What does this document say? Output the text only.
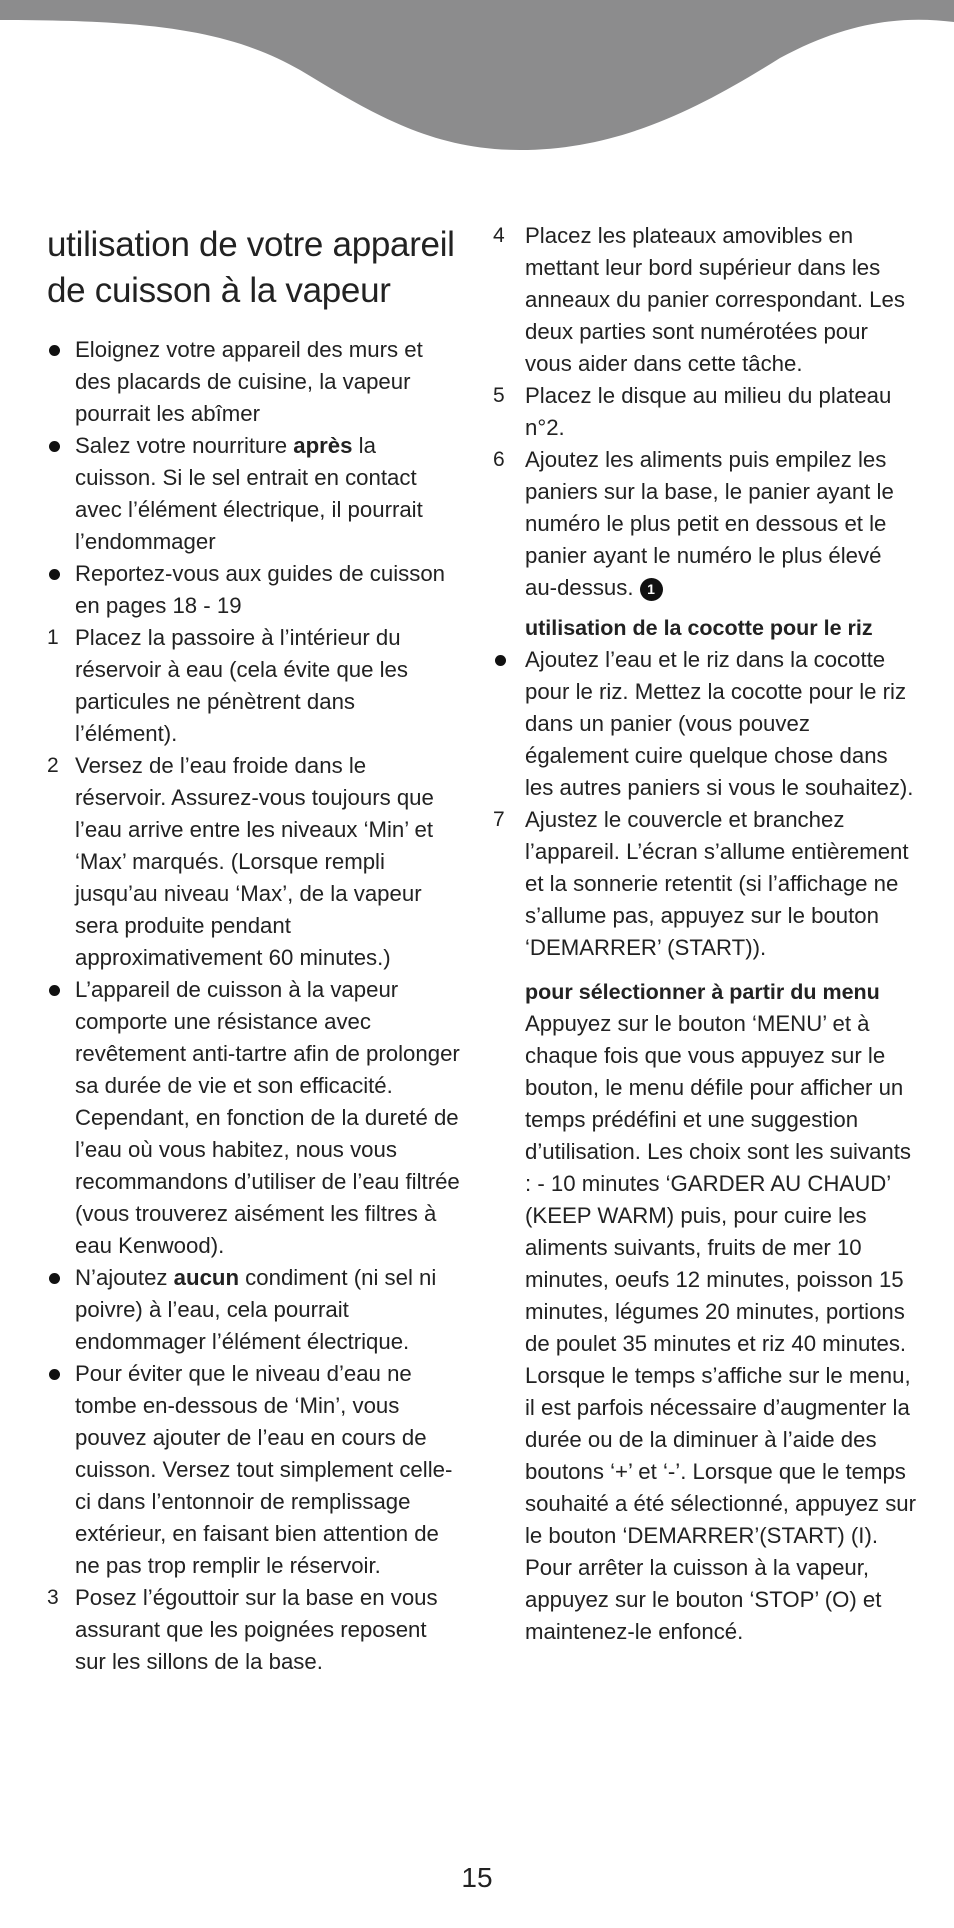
utilisation de votre appareil de cuisson à la vapeur
Eloignez votre appareil des murs et des placards de cuisine, la vapeur pourrait les abîmer
Salez votre nourriture après la cuisson. Si le sel entrait en contact avec l’élément électrique, il pourrait l’endommager
Reportez-vous aux guides de cuisson en pages 18 - 19
1 Placez la passoire à l’intérieur du réservoir à eau (cela évite que les particules ne pénètrent dans l’élément).
2 Versez de l’eau froide dans le réservoir. Assurez-vous toujours que l’eau arrive entre les niveaux ‘Min’ et ‘Max’ marqués. (Lorsque rempli jusqu’au niveau ‘Max’, de la vapeur sera produite pendant approximativement 60 minutes.)
L’appareil de cuisson à la vapeur comporte une résistance avec revêtement anti-tartre afin de prolonger sa durée de vie et son efficacité. Cependant, en fonction de la dureté de l’eau où vous habitez, nous vous recommandons d’utiliser de l’eau filtrée (vous trouverez aisément les filtres à eau Kenwood).
N’ajoutez aucun condiment (ni sel ni poivre) à l’eau, cela pourrait endommager l’élément électrique.
Pour éviter que le niveau d’eau ne tombe en-dessous de ‘Min’, vous pouvez ajouter de l’eau en cours de cuisson. Versez tout simplement celle- ci dans l’entonnoir de remplissage extérieur, en faisant bien attention de ne pas trop remplir le réservoir.
3 Posez l’égouttoir sur la base en vous assurant que les poignées reposent sur les sillons de la base.
4 Placez les plateaux amovibles en mettant leur bord supérieur dans les anneaux du panier correspondant. Les deux parties sont numérotées pour vous aider dans cette tâche.
5 Placez le disque au milieu du plateau n°2.
6 Ajoutez les aliments puis empilez les paniers sur la base, le panier ayant le numéro le plus petit en dessous et le panier ayant le numéro le plus élevé au-dessus. 1
utilisation de la cocotte pour le riz
Ajoutez l’eau et le riz dans la cocotte pour le riz. Mettez la cocotte pour le riz dans un panier (vous pouvez également cuire quelque chose dans les autres paniers si vous le souhaitez).
7 Ajustez le couvercle et branchez l’appareil. L’écran s’allume entièrement et la sonnerie retentit (si l’affichage ne s’allume pas, appuyez sur le bouton ‘DEMARRER’ (START)).
pour sélectionner à partir du menu

Appuyez sur le bouton ‘MENU’ et à chaque fois que vous appuyez sur le bouton, le menu défile pour afficher un temps prédéfini et une suggestion d’utilisation. Les choix sont les suivants : - 10 minutes ‘GARDER AU CHAUD’ (KEEP WARM) puis, pour cuire les aliments suivants, fruits de mer 10 minutes, oeufs 12 minutes, poisson 15 minutes, légumes 20 minutes, portions de poulet 35 minutes et riz 40 minutes. Lorsque le temps s’affiche sur le menu, il est parfois nécessaire d’augmenter la durée ou de la diminuer à l’aide des boutons ‘+’ et ‘-’. Lorsque que le temps souhaité a été sélectionné, appuyez sur le bouton ‘DEMARRER’(START) (I). Pour arrêter la cuisson à la vapeur, appuyez sur le bouton ‘STOP’ (O) et maintenez-le enfoncé.

15
